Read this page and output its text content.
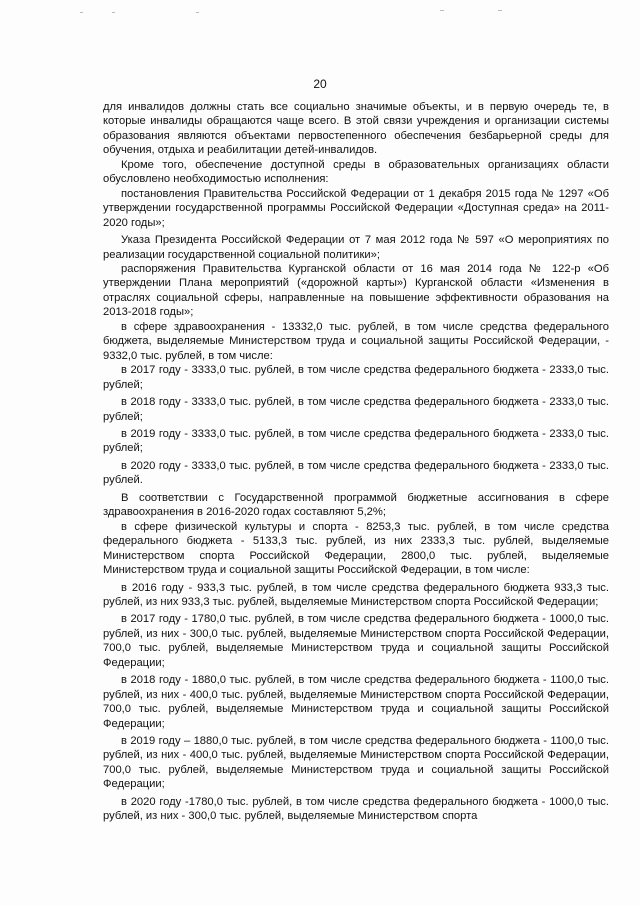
20

для инвалидов должны стать все социально значимые объекты, и в первую очередь те, в которые инвалиды обращаются чаще всего. В этой связи учреждения и организации системы образования являются объектами первостепенного обеспечения безбарьерной среды для обучения, отдыха и реабилитации детей-инвалидов.

Кроме того, обеспечение доступной среды в образовательных организациях области обусловлено необходимостью исполнения:

постановления Правительства Российской Федерации от 1 декабря 2015 года № 1297 «Об утверждении государственной программы Российской Федерации «Доступная среда» на 2011-2020 годы»;

Указа Президента Российской Федерации от 7 мая 2012 года № 597 «О мероприятиях по реализации государственной социальной политики»;

распоряжения Правительства Курганской области от 16 мая 2014 года № 122-р «Об утверждении Плана мероприятий («дорожной карты») Курганской области «Изменения в отраслях социальной сферы, направленные на повышение эффективности образования на 2013-2018 годы»;

в сфере здравоохранения - 13332,0 тыс. рублей, в том числе средства федерального бюджета, выделяемые Министерством труда и социальной защиты Российской Федерации, - 9332,0 тыс. рублей, в том числе:

в 2017 году - 3333,0 тыс. рублей, в том числе средства федерального бюджета - 2333,0 тыс. рублей;

в 2018 году - 3333,0 тыс. рублей, в том числе средства федерального бюджета - 2333,0 тыс. рублей;

в 2019 году - 3333,0 тыс. рублей, в том числе средства федерального бюджета - 2333,0 тыс. рублей;

в 2020 году - 3333,0 тыс. рублей, в том числе средства федерального бюджета - 2333,0 тыс. рублей.

В соответствии с Государственной программой бюджетные ассигнования в сфере здравоохранения в 2016-2020 годах составляют 5,2%;

в сфере физической культуры и спорта - 8253,3 тыс. рублей, в том числе средства федерального бюджета - 5133,3 тыс. рублей, из них 2333,3 тыс. рублей, выделяемые Министерством спорта Российской Федерации, 2800,0 тыс. рублей, выделяемые Министерством труда и социальной защиты Российской Федерации, в том числе:

в 2016 году - 933,3 тыс. рублей, в том числе средства федерального бюджета 933,3 тыс. рублей, из них 933,3 тыс. рублей, выделяемые Министерством спорта Российской Федерации;

в 2017 году - 1780,0 тыс. рублей, в том числе средства федерального бюджета - 1000,0 тыс. рублей, из них - 300,0 тыс. рублей, выделяемые Министерством спорта Российской Федерации, 700,0 тыс. рублей, выделяемые Министерством труда и социальной защиты Российской Федерации;

в 2018 году - 1880,0 тыс. рублей, в том числе средства федерального бюджета - 1100,0 тыс. рублей, из них - 400,0 тыс. рублей, выделяемые Министерством спорта Российской Федерации, 700,0 тыс. рублей, выделяемые Министерством труда и социальной защиты Российской Федерации;

в 2019 году – 1880,0 тыс. рублей, в том числе средства федерального бюджета - 1100,0 тыс. рублей, из них - 400,0 тыс. рублей, выделяемые Министерством спорта Российской Федерации, 700,0 тыс. рублей, выделяемые Министерством труда и социальной защиты Российской Федерации;

в 2020 году -1780,0 тыс. рублей, в том числе средства федерального бюджета - 1000,0 тыс. рублей, из них - 300,0 тыс. рублей, выделяемые Министерством спорта
